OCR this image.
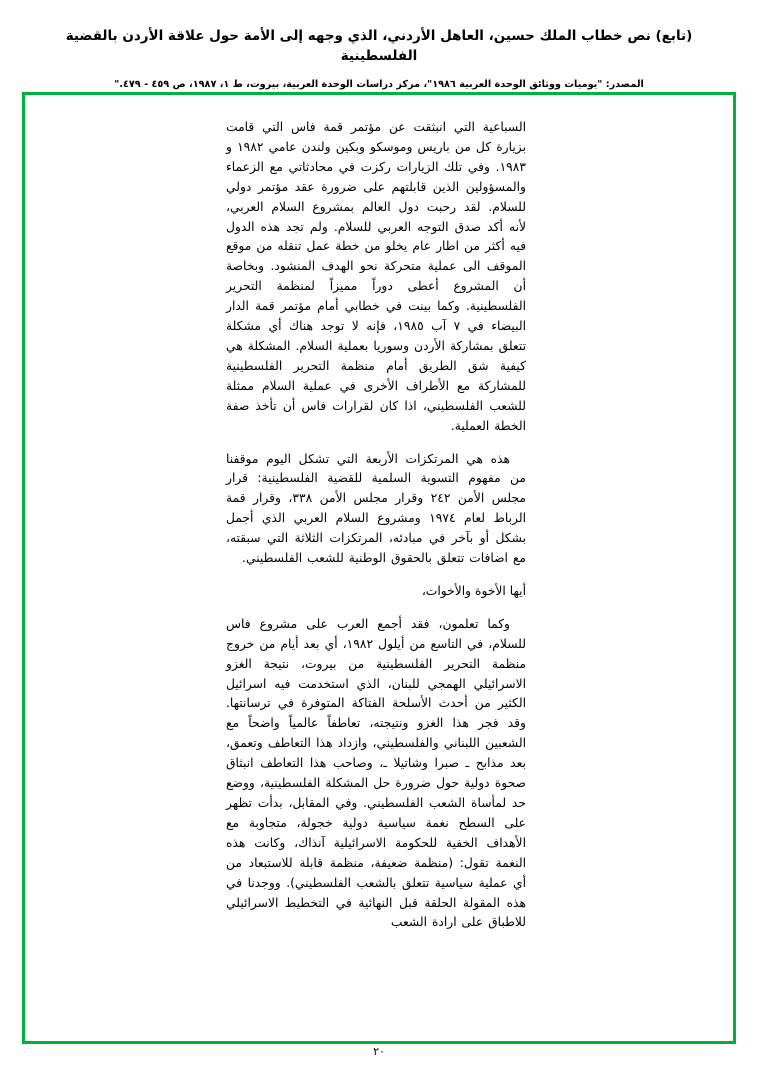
(تابع) نص خطاب الملك حسين، العاهل الأردني، الذي وجهه إلى الأمة حول علاقة الأردن بالقضية الفلسطينية
المصدر: "يوميات ووثائق الوحدة العربية ١٩٨٦"، مركز دراسات الوحدة العربية، بيروت، ط ١، ١٩٨٧، ص ٤٥٩ - ٤٧٩."

السباعية التي انبثقت عن مؤتمر قمة فاس التي قامت بزيارة كل من باريس وموسكو وبكين ولندن عامي ١٩٨٢ و ١٩٨٣. وفي تلك الزيارات ركزت في محادثاتي مع الزعماء والمسؤولين الذين قابلتهم على ضرورة عقد مؤتمر دولي للسلام. لقد رحبت دول العالم بمشروع السلام العربي، لأنه أكد صدق التوجه العربي للسلام. ولم تجد هذه الدول فيه أكثر من اطار عام يخلو من خطة عمل تنقله من موقع الموقف الى عملية متحركة نحو الهدف المنشود. وبخاصة أن المشروع أعطى دوراً مميزاً لمنظمة التحرير الفلسطينية. وكما بينت في خطابي أمام مؤتمر قمة الدار البيضاء في ٧ آب ١٩٨٥، فإنه لا توجد هناك أي مشكلة تتعلق بمشاركة الأردن وسوريا بعملية السلام. المشكلة هي كيفية شق الطريق أمام منظمة التحرير الفلسطينية للمشاركة مع الأطراف الأخرى في عملية السلام ممثلة للشعب الفلسطيني، اذا كان لقرارات فاس أن تأخذ صفة الخطة العملية.

هذه هي المرتكزات الأربعة التي تشكل اليوم موقفنا من مفهوم التسوية السلمية للقضية الفلسطينية: قرار مجلس الأمن ٢٤٢ وقرار مجلس الأمن ٣٣٨، وقرار قمة الرباط لعام ١٩٧٤ ومشروع السلام العربي الذي أجمل بشكل أو بآخر في مبادئه، المرتكزات الثلاثة التي سبقته، مع اضافات تتعلق بالحقوق الوطنية للشعب الفلسطيني.

أيها الأخوة والأخوات،

وكما تعلمون، فقد أجمع العرب على مشروع فاس للسلام، في التاسع من أيلول ١٩٨٢، أي بعد أيام من خروج منظمة التحرير الفلسطينية من بيروت، نتيجة الغزو الاسرائيلي الهمجي للبنان، الذي استخدمت فيه اسرائيل الكثير من أحدث الأسلحة الفتاكة المتوفرة في ترسانتها. وقد فجر هذا الغزو ونتيجته، تعاطفاً عالمياً واضحاً مع الشعبين اللبناني والفلسطيني، وازداد هذا التعاطف وتعمق، بعد مذابح ـ صبرا وشاتيلا ـ، وصاحب هذا التعاطف انبثاق صحوة دولية حول ضرورة حل المشكلة الفلسطينية، ووضع حد لمأساة الشعب الفلسطيني. وفي المقابل، بدأت تظهر على السطح نغمة سياسية دولية خجولة، متجاوبة مع الأهداف الخفية للحكومة الاسرائيلية آنذاك، وكانت هذه النغمة تقول: (منظمة ضعيفة، منظمة قابلة للاستبعاد من أي عملية سياسية تتعلق بالشعب الفلسطيني). ووجدنا في هذه المقولة الحلقة قبل النهائية في التخطيط الاسرائيلي للاطباق على ارادة الشعب

٢٠
